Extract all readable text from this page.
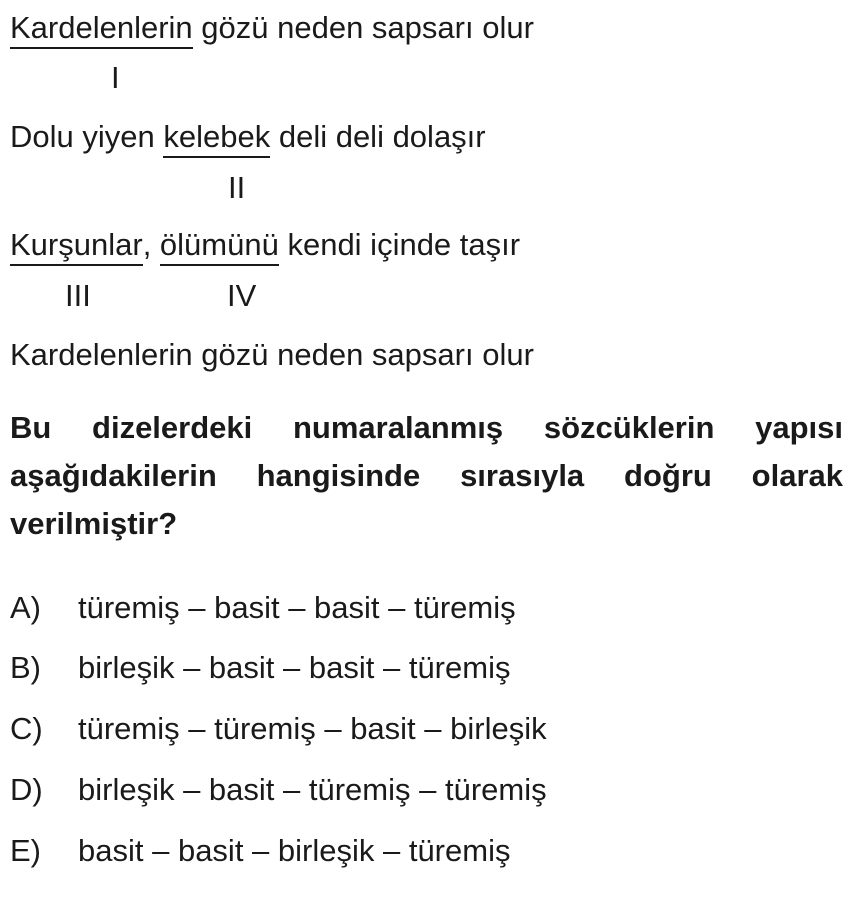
Kardelenlerin gözü neden sapsarı olur
I
Dolu yiyen kelebek deli deli dolaşır
II
Kurşunlar, ölümünü kendi içinde taşır
III	IV
Kardelenlerin gözü neden sapsarı olur
Bu dizelerdeki numaralanmış sözcüklerin yapısı aşağıdakilerin hangisinde sırasıyla doğru olarak verilmiştir?
A) türemiş – basit – basit – türemiş
B) birleşik – basit – basit – türemiş
C) türemiş – türemiş – basit – birleşik
D) birleşik – basit – türemiş – türemiş
E) basit – basit – birleşik – türemiş
